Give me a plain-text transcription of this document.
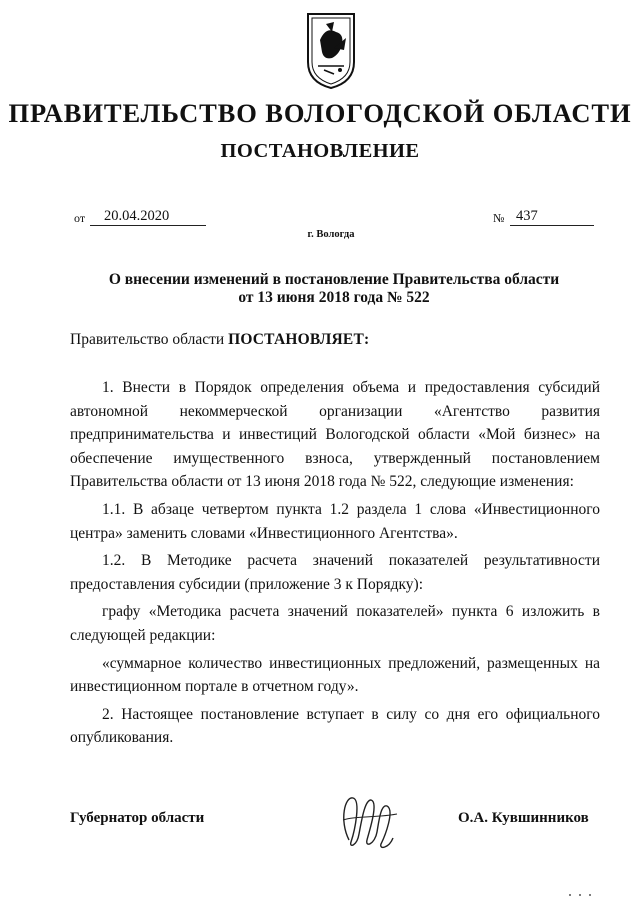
ПРАВИТЕЛЬСТВО ВОЛОГОДСКОЙ ОБЛАСТИ
ПОСТАНОВЛЕНИЕ
от	20.04.2020	№ 437
г. Вологда
О внесении изменений в постановление Правительства области
от 13 июня 2018 года № 522
Правительство области ПОСТАНОВЛЯЕТ:

1. Внести в Порядок определения объема и предоставления субсидий автономной некоммерческой организации «Агентство развития предпринимательства и инвестиций Вологодской области «Мой бизнес» на обеспечение имущественного взноса, утвержденный постановлением Правительства области от 13 июня 2018 года № 522, следующие изменения:

1.1. В абзаце четвертом пункта 1.2 раздела 1 слова «Инвестиционного центра» заменить словами «Инвестиционного Агентства».

1.2. В Методике расчета значений показателей результативности предоставления субсидии (приложение 3 к Порядку):

графу «Методика расчета значений показателей» пункта 6 изложить в следующей редакции:

«суммарное количество инвестиционных предложений, размещенных на инвестиционном портале в отчетном году».

2. Настоящее постановление вступает в силу со дня его официального опубликования.

Губернатор области	О.А. Кувшинников
